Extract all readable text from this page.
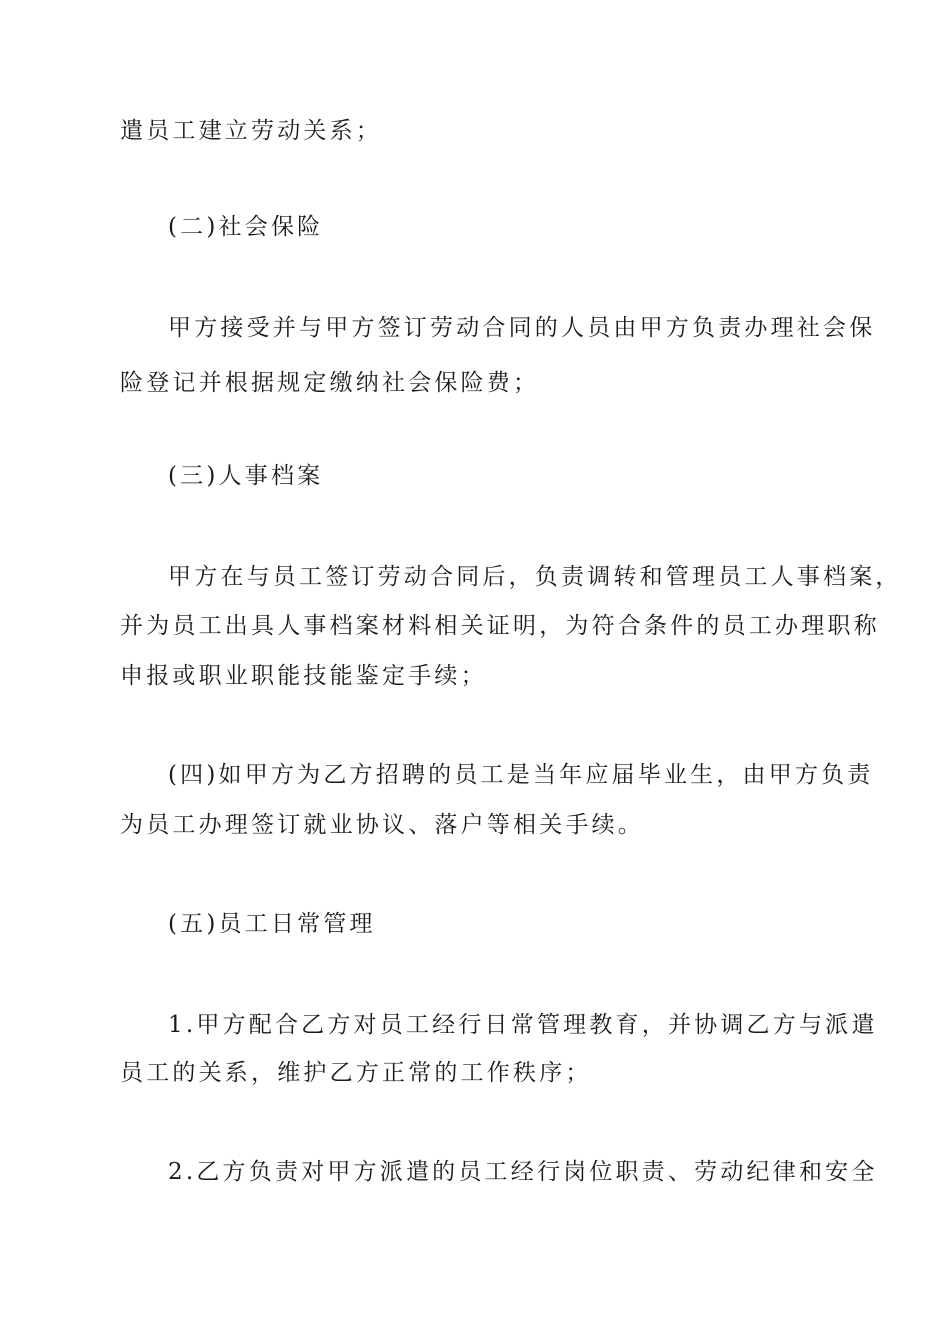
遣员工建立劳动关系；

(二)社会保险

甲方接受并与甲方签订劳动合同的人员由甲方负责办理社会保

险登记并根据规定缴纳社会保险费；

(三)人事档案

甲方在与员工签订劳动合同后，负责调转和管理员工人事档案，

并为员工出具人事档案材料相关证明，为符合条件的员工办理职称

申报或职业职能技能鉴定手续；

(四)如甲方为乙方招聘的员工是当年应届毕业生，由甲方负责

为员工办理签订就业协议、落户等相关手续。

(五)员工日常管理

1.甲方配合乙方对员工经行日常管理教育，并协调乙方与派遣

员工的关系，维护乙方正常的工作秩序；

2.乙方负责对甲方派遣的员工经行岗位职责、劳动纪律和安全
